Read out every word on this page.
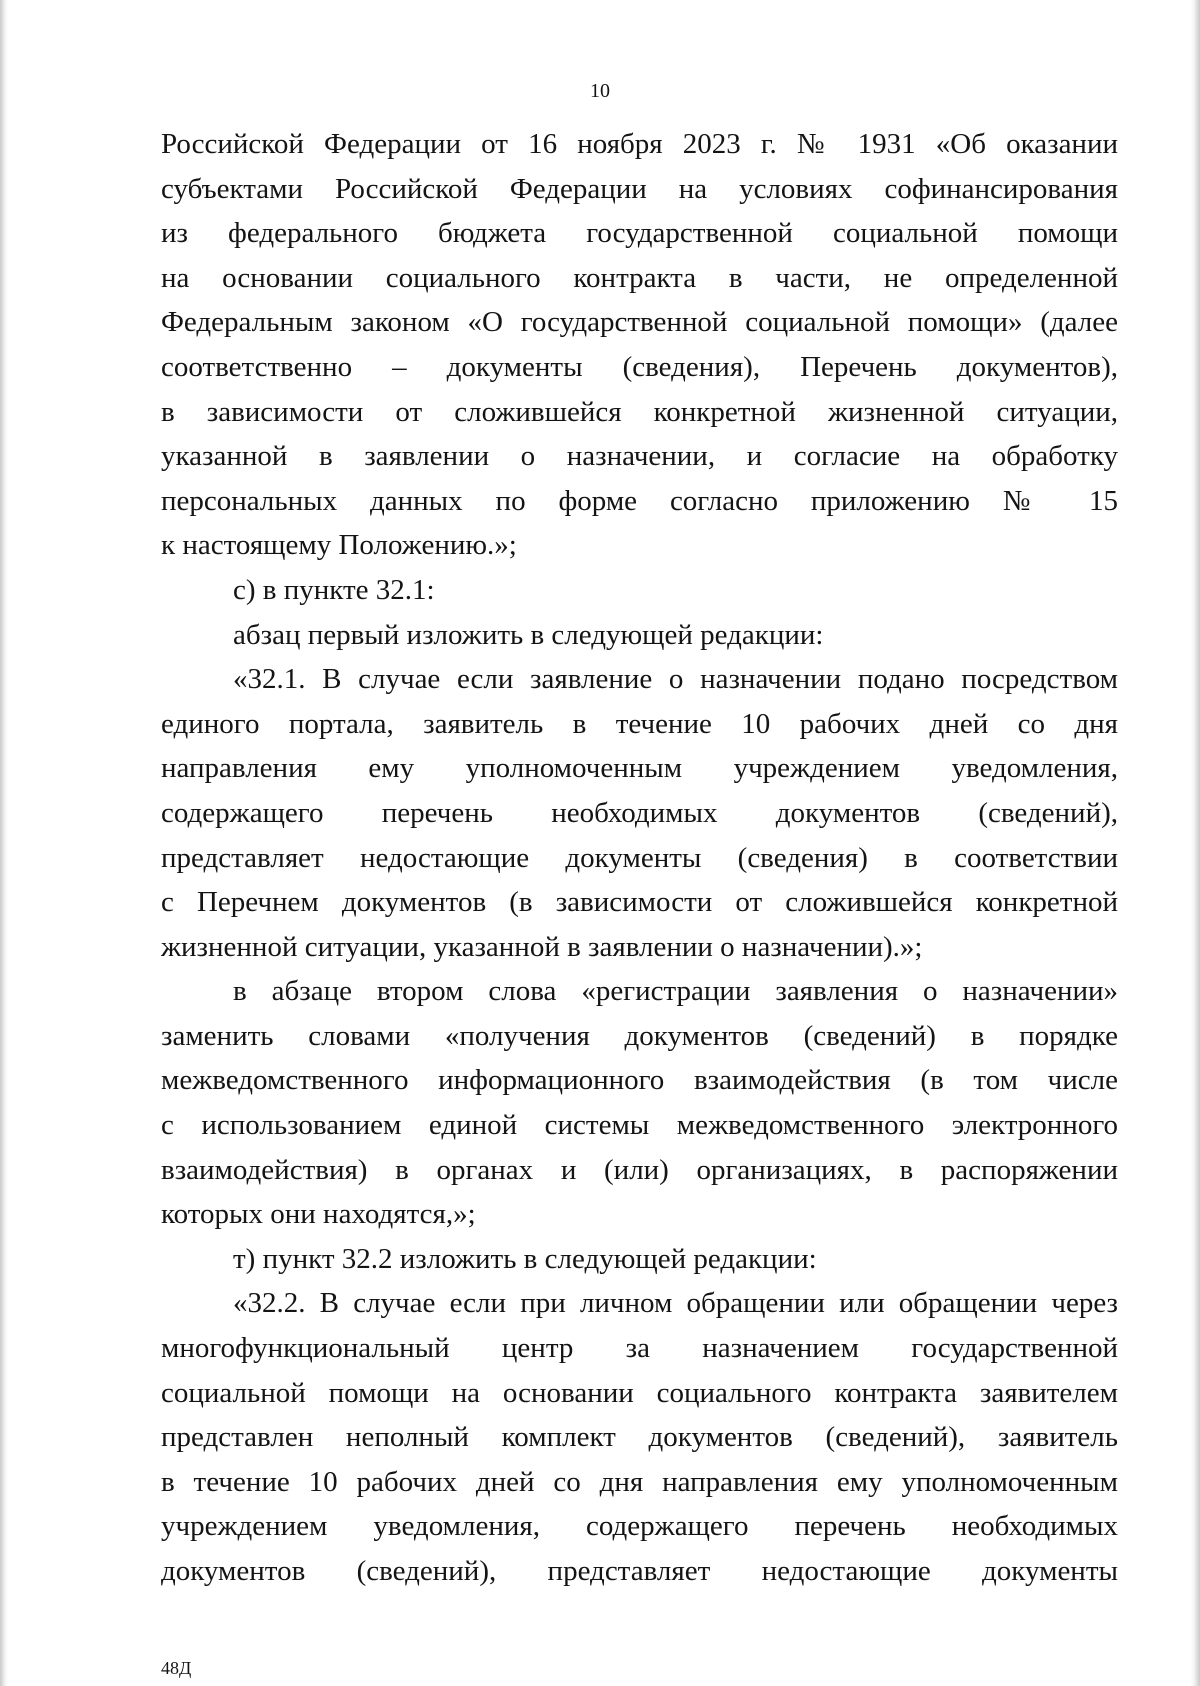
10
Российской Федерации от 16 ноября 2023 г. № 1931 «Об оказании
субъектами Российской Федерации на условиях софинансирования
из федерального бюджета государственной социальной помощи
на основании социального контракта в части, не определенной
Федеральным законом «О государственной социальной помощи» (далее
соответственно – документы (сведения), Перечень документов),
в зависимости от сложившейся конкретной жизненной ситуации,
указанной в заявлении о назначении, и согласие на обработку
персональных данных по форме согласно приложению № 15
к настоящему Положению.»;
с) в пункте 32.1:
абзац первый изложить в следующей редакции:
«32.1. В случае если заявление о назначении подано посредством
единого портала, заявитель в течение 10 рабочих дней со дня
направления ему уполномоченным учреждением уведомления,
содержащего перечень необходимых документов (сведений),
представляет недостающие документы (сведения) в соответствии
с Перечнем документов (в зависимости от сложившейся конкретной
жизненной ситуации, указанной в заявлении о назначении).»;
в абзаце втором слова «регистрации заявления о назначении»
заменить словами «получения документов (сведений) в порядке
межведомственного информационного взаимодействия (в том числе
с использованием единой системы межведомственного электронного
взаимодействия) в органах и (или) организациях, в распоряжении
которых они находятся,»;
т) пункт 32.2 изложить в следующей редакции:
«32.2. В случае если при личном обращении или обращении через
многофункциональный центр за назначением государственной
социальной помощи на основании социального контракта заявителем
представлен неполный комплект документов (сведений), заявитель
в течение 10 рабочих дней со дня направления ему уполномоченным
учреждением уведомления, содержащего перечень необходимых
документов (сведений), представляет недостающие документы
48Д
